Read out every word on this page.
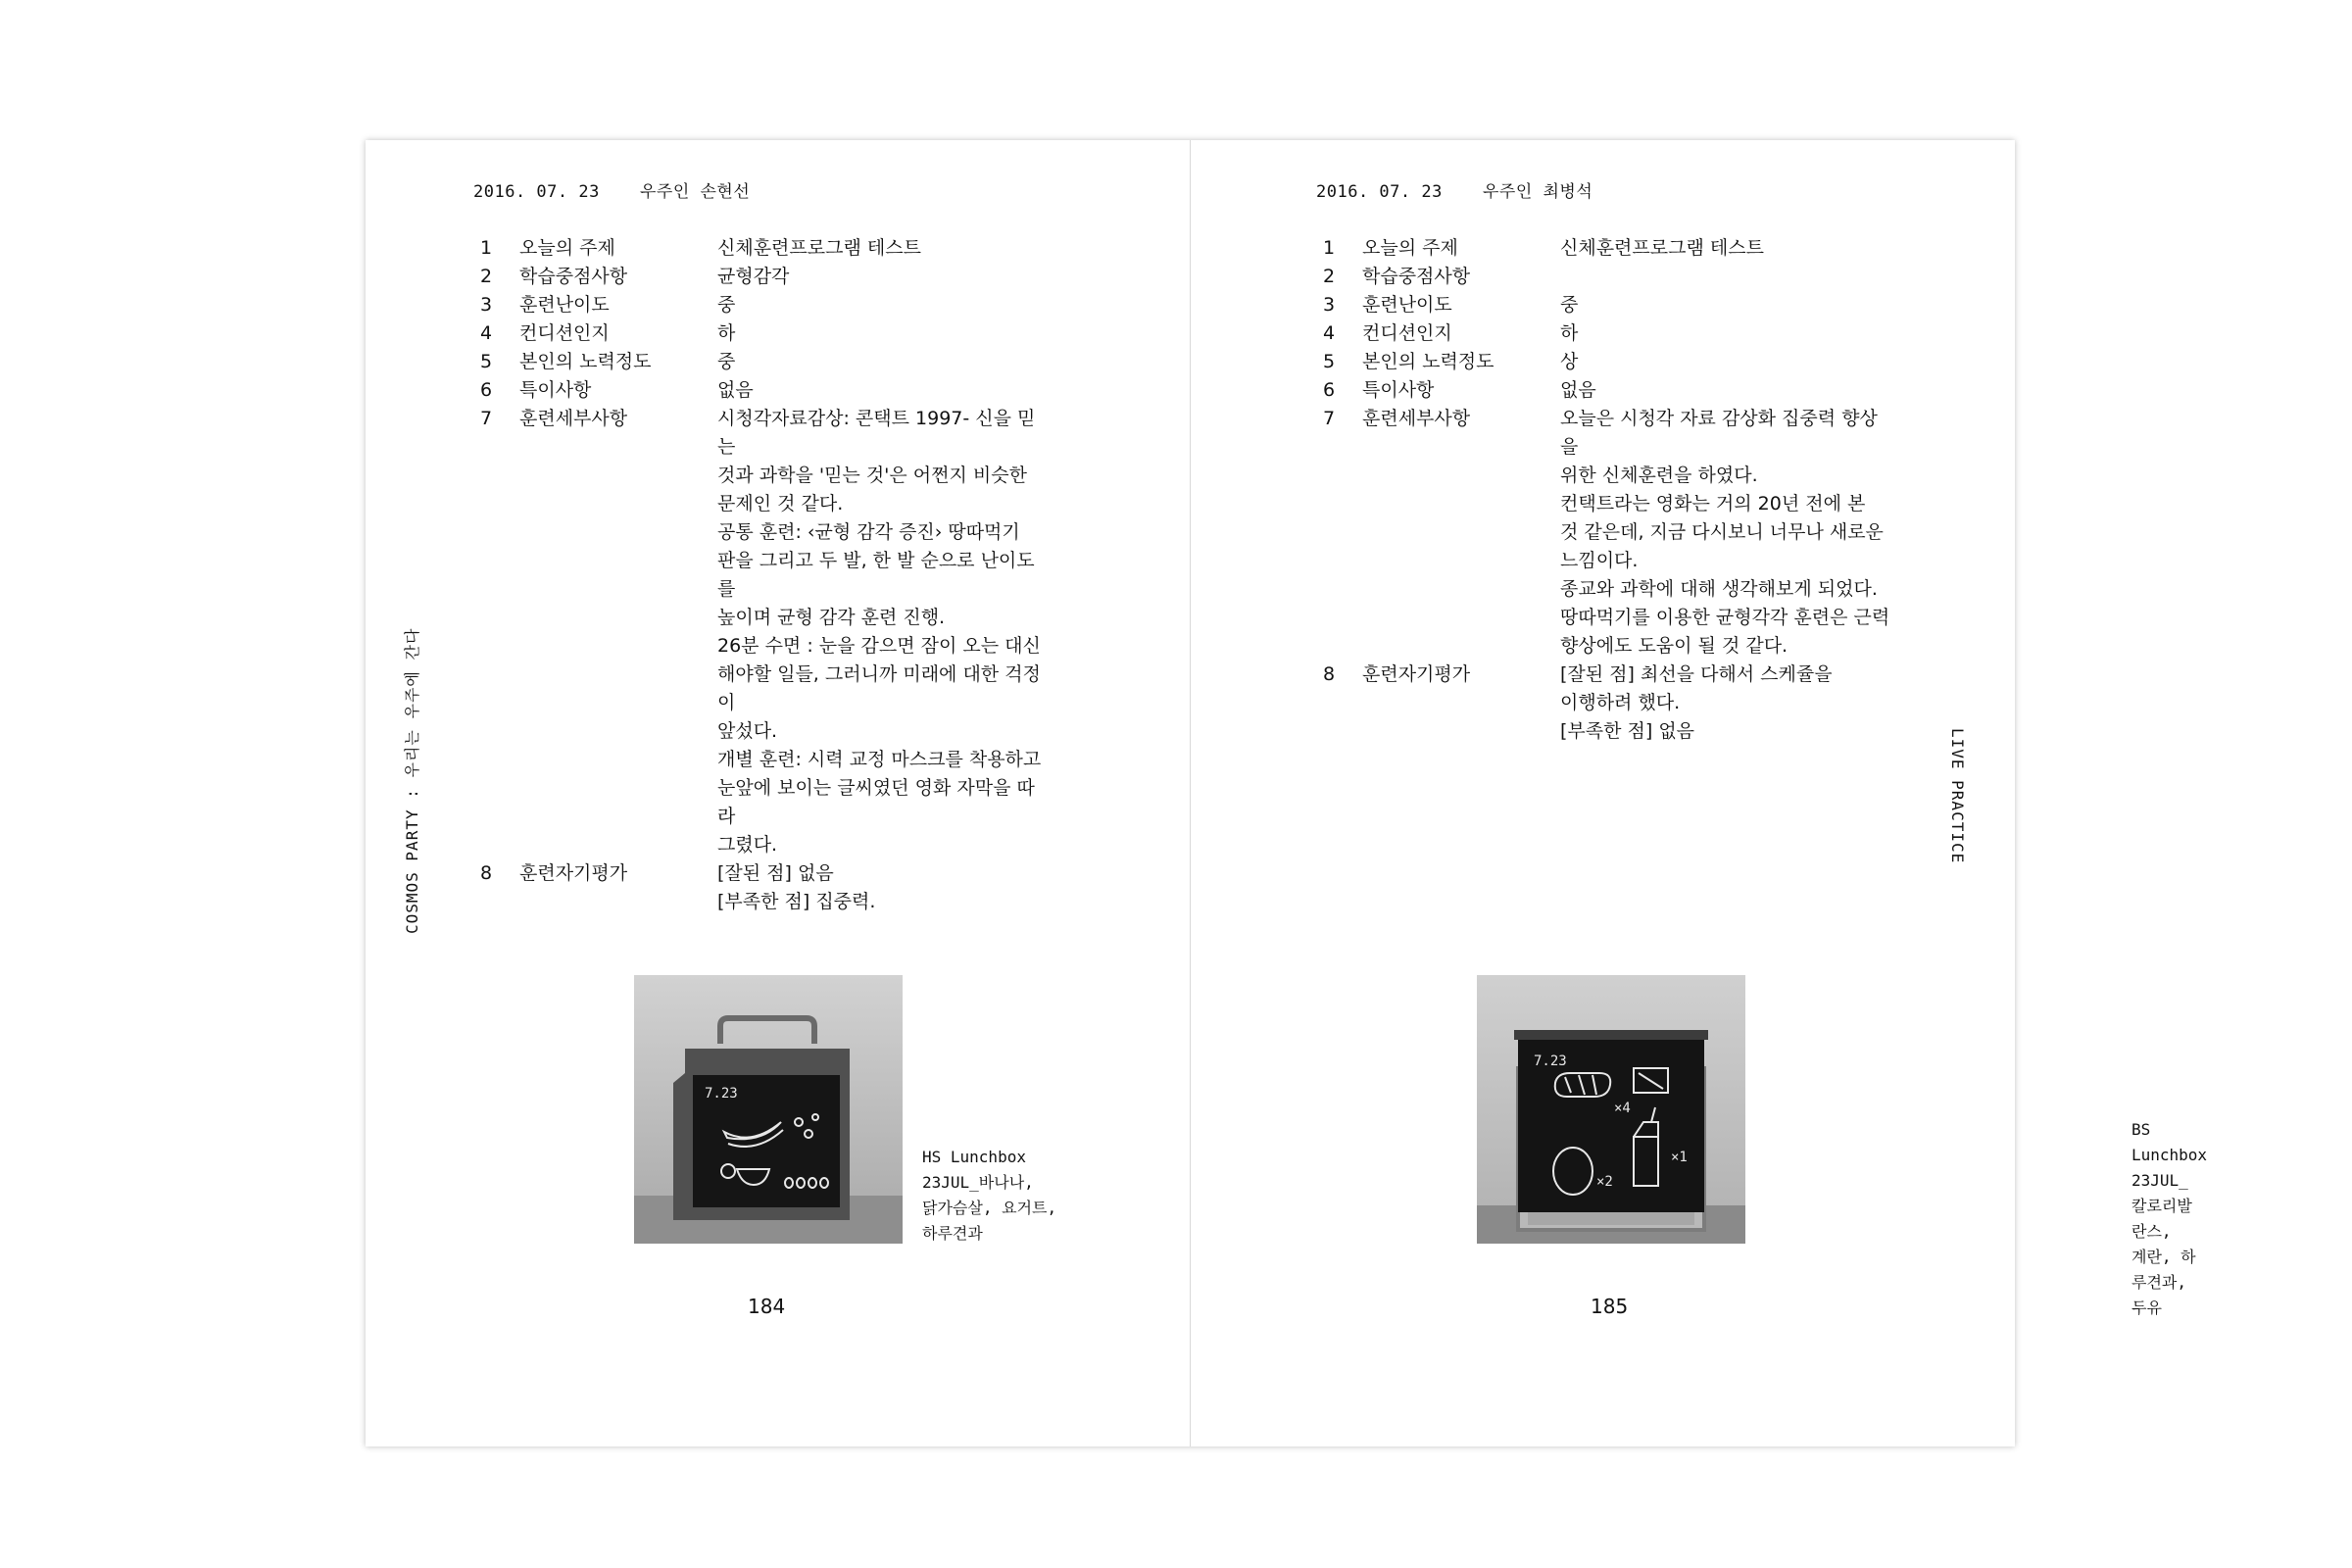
2016. 07. 23 우주인 손현선
1	오늘의 주제	신체훈련프로그램 테스트
2	학습중점사항	균형감각
3	훈련난이도	중
4	컨디션인지	하
5	본인의 노력정도	중
6	특이사항	없음
7	훈련세부사항	시청각자료감상: 콘택트 1997- 신을 믿는
것과 과학을 '믿는 것'은 어쩐지 비슷한
문제인 것 같다.
공통 훈련: ‹균형 감각 증진› 땅따먹기
판을 그리고 두 발, 한 발 순으로 난이도를
높이며 균형 감각 훈련 진행.
26분 수면 : 눈을 감으면 잠이 오는 대신
해야할 일들, 그러니까 미래에 대한 걱정이
앞섰다.
개별 훈련: 시력 교정 마스크를 착용하고
눈앞에 보이는 글씨였던 영화 자막을 따라
그렸다.
8	훈련자기평가	[잘된 점] 없음
[부족한 점] 집중력.
COSMOS PARTY : 우리는 우주에 간다
7.23
HS Lunchbox
23JUL_바나나,
닭가슴살, 요거트,
하루견과
184
2016. 07. 23 우주인 최병석
1	오늘의 주제	신체훈련프로그램 테스트
2	학습중점사항
3	훈련난이도	중
4	컨디션인지	하
5	본인의 노력정도	상
6	특이사항	없음
7	훈련세부사항	오늘은 시청각 자료 감상화 집중력 향상을
위한 신체훈련을 하였다.
컨택트라는 영화는 거의 20년 전에 본
것 같은데, 지금 다시보니 너무나 새로운
느낌이다.
종교와 과학에 대해 생각해보게 되었다.
땅따먹기를 이용한 균형각각 훈련은 근력
향상에도 도움이 될 것 같다.
8	훈련자기평가	[잘된 점] 최선을 다해서 스케쥴을
이행하려 했다.
[부족한 점] 없음	LIVE PRACTICE
7.23
×4
×2
×1
BS Lunchbox
23JUL_
칼로리발란스,
계란, 하루견과,
두유
185
